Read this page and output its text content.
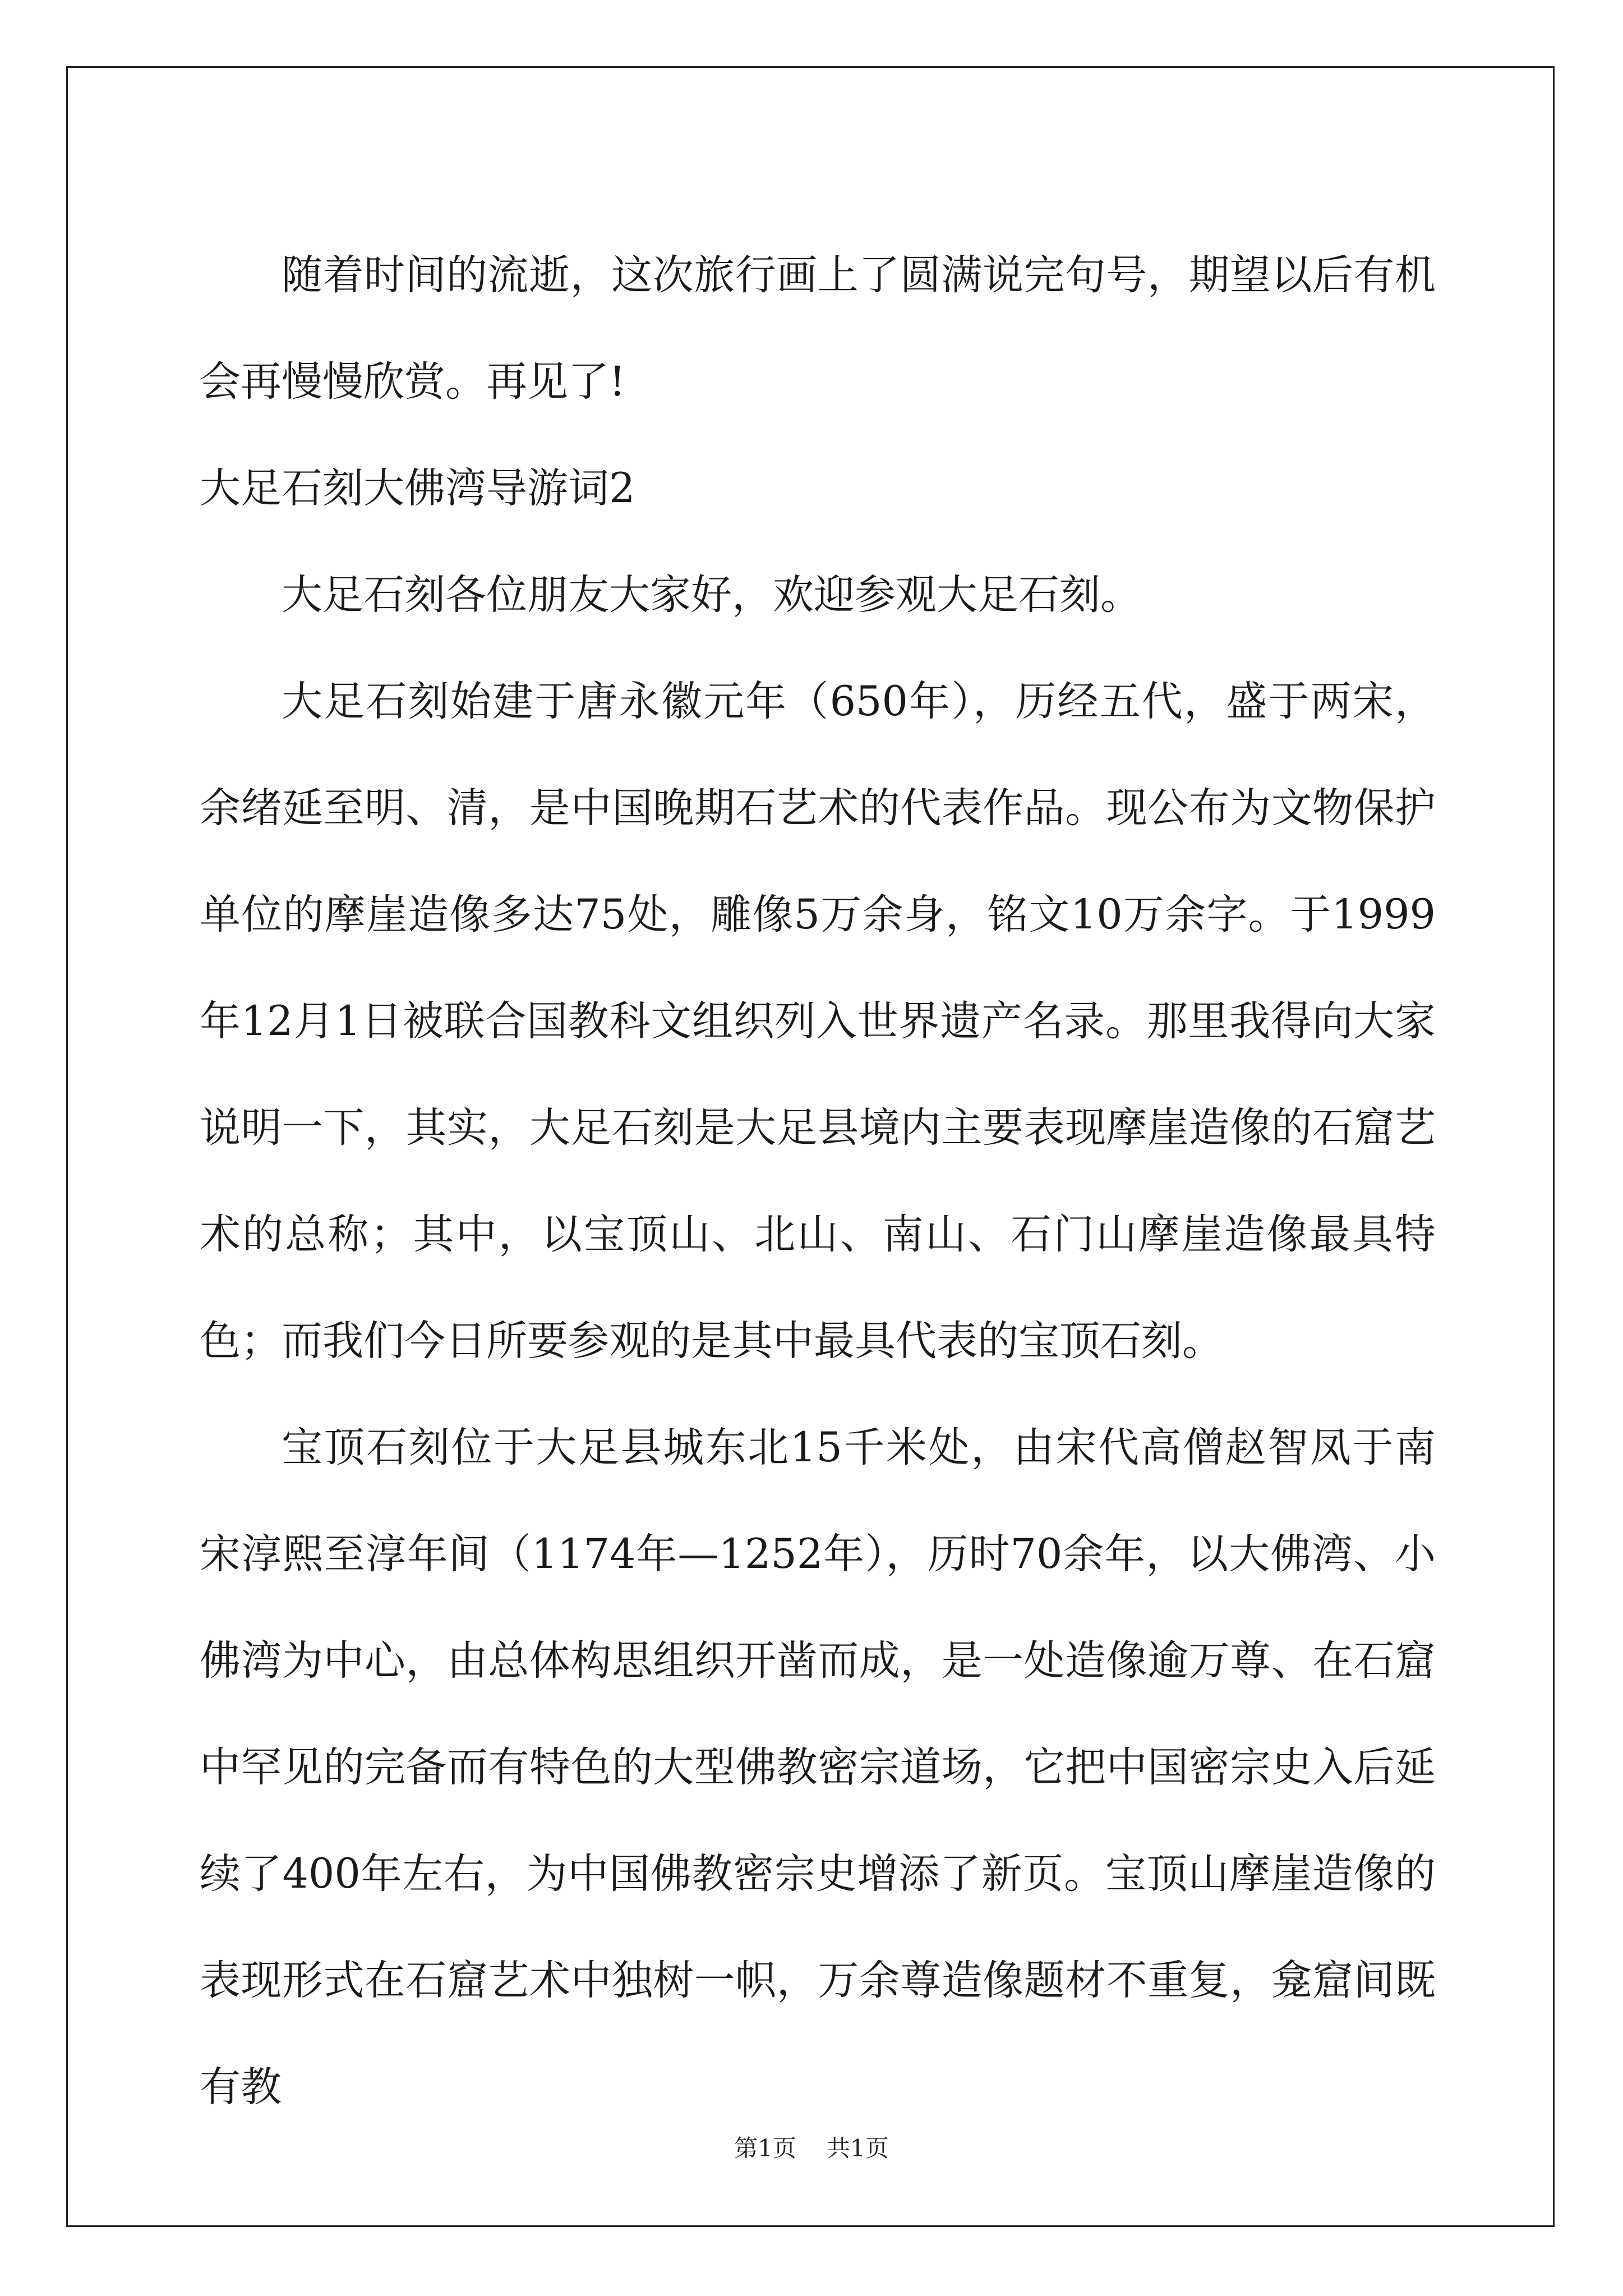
随着时间的流逝，这次旅行画上了圆满说完句号，期望以后有机会再慢慢欣赏。再见了!

大足石刻大佛湾导游词2

大足石刻各位朋友大家好，欢迎参观大足石刻。

大足石刻始建于唐永徽元年（650年），历经五代，盛于两宋，余绪延至明、清，是中国晚期石艺术的代表作品。现公布为文物保护单位的摩崖造像多达75处，雕像5万余身，铭文10万余字。于1999年12月1日被联合国教科文组织列入世界遗产名录。那里我得向大家说明一下，其实，大足石刻是大足县境内主要表现摩崖造像的石窟艺术的总称；其中，以宝顶山、北山、南山、石门山摩崖造像最具特色；而我们今日所要参观的是其中最具代表的宝顶石刻。

宝顶石刻位于大足县城东北15千米处，由宋代高僧赵智凤于南宋淳熙至淳年间（1174年—1252年），历时70余年，以大佛湾、小佛湾为中心，由总体构思组织开凿而成，是一处造像逾万尊、在石窟中罕见的完备而有特色的大型佛教密宗道场，它把中国密宗史入后延续了400年左右，为中国佛教密宗史增添了新页。宝顶山摩崖造像的表现形式在石窟艺术中独树一帜，万余尊造像题材不重复，龛窟间既有教

第1页 共1页
